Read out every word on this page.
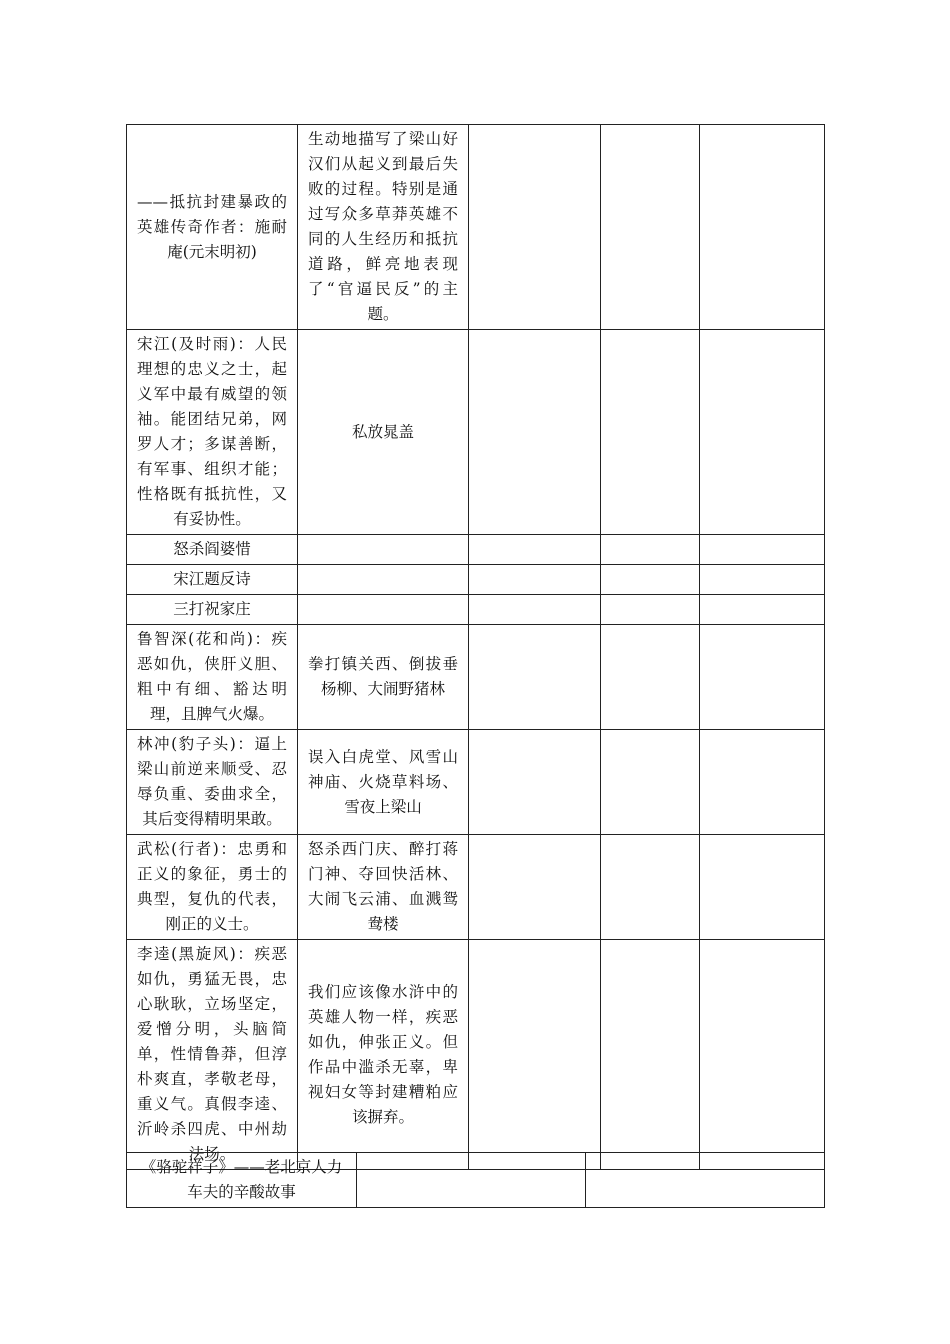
——抵抗封建暴政的英雄传奇作者：施耐庵(元末明初)	生动地描写了梁山好汉们从起义到最后失败的过程。特别是通过写众多草莽英雄不同的人生经历和抵抗道路，鲜亮地表现了“官逼民反”的主题。			
宋江(及时雨)：人民理想的忠义之士，起义军中最有威望的领袖。能团结兄弟，网罗人才；多谋善断，有军事、组织才能；性格既有抵抗性，又有妥协性。	私放晁盖			
怒杀阎婆惜				
宋江题反诗				
三打祝家庄				
鲁智深(花和尚)：疾恶如仇，侠肝义胆、粗中有细、豁达明理，且脾气火爆。	拳打镇关西、倒拔垂杨柳、大闹野猪林			
林冲(豹子头)：逼上梁山前逆来顺受、忍辱负重、委曲求全，其后变得精明果敢。	误入白虎堂、风雪山神庙、火烧草料场、雪夜上梁山			
武松(行者)：忠勇和正义的象征，勇士的典型，复仇的代表，刚正的义士。	怒杀西门庆、醉打蒋门神、夺回快活林、大闹飞云浦、血溅鸳鸯楼			
李逵(黑旋风)：疾恶如仇，勇猛无畏，忠心耿耿，立场坚定，爱憎分明，头脑简单，性情鲁莽，但淳朴爽直，孝敬老母，重义气。真假李逵、沂岭杀四虎、中州劫法场。	我们应该像水浒中的英雄人物一样，疾恶如仇，伸张正义。但作品中滥杀无辜，卑视妇女等封建糟粕应该摒弃。			
《骆驼祥子》——老北京人力车夫的辛酸故事		
